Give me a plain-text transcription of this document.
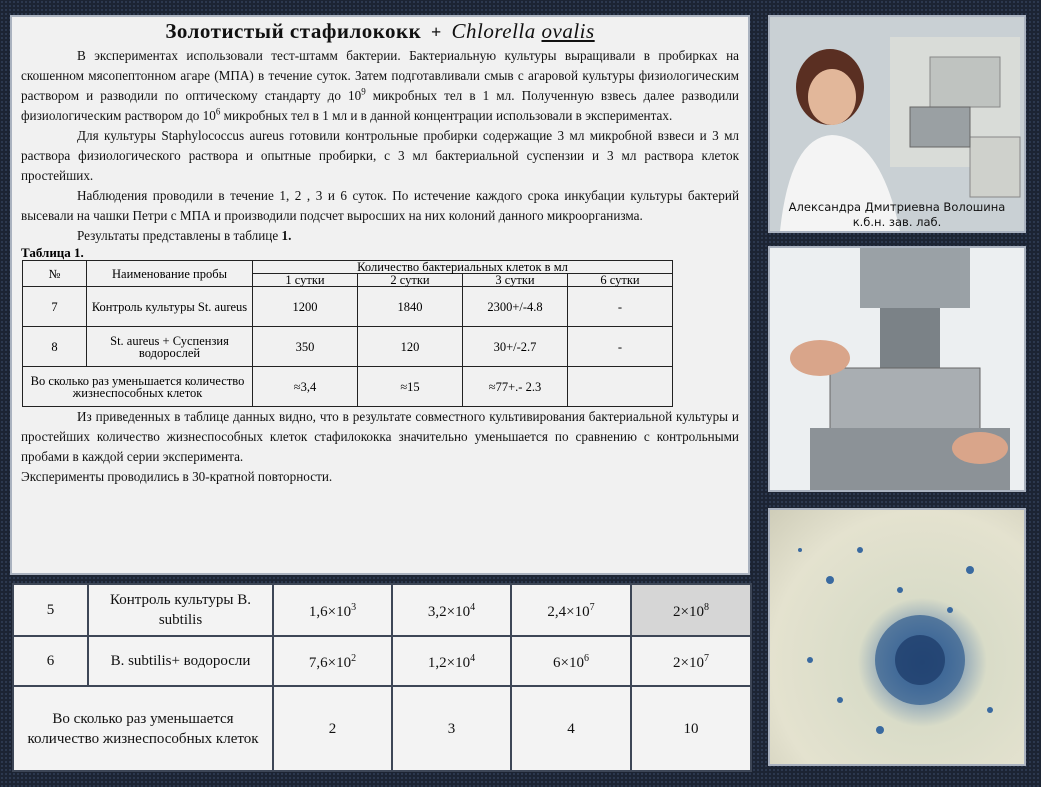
Золотистый стафилококк + Chlorella ovalis

В экспериментах использовали тест-штамм бактерии. Бактериальную культуры выращивали в пробирках на скошенном мясопептонном агаре (МПА) в течение суток. Затем подготавливали смыв с агаровой культуры физиологическим раствором и разводили по оптическому стандарту до $10^9$ микробных тел в 1 мл. Полученную взвесь далее разводили физиологическим раствором до $10^6$ микробных тел в 1 мл и в данной концентрации использовали в экспериментах.

Для культуры Staphylococcus aureus готовили контрольные пробирки содержащие 3 мл микробной взвеси и 3 мл раствора физиологического раствора и опытные пробирки, с 3 мл бактериальной суспензии и 3 мл раствора клеток простейших.

Наблюдения проводили в течение 1, 2 , 3 и 6 суток. По истечение каждого срока инкубации культуры бактерий высевали на чашки Петри с МПА и производили подсчет выросших на них колоний данного микроорганизма.

Результаты представлены в таблице 1.

Таблица 1.
№	Наименование пробы	Количество бактериальных клеток в мл			
		1 сутки	2 сутки	3 сутки	6 сутки
7	Контроль культуры St. aureus	1200	1840	2300+/-4.8	-
8	St. aureus + Суспензия водорослей	350	120	30+/-2.7	-
Во сколько раз уменьшается количество жизнеспособных клеток		≈3,4	≈15	≈77+.- 2.3	

Из приведенных в таблице данных видно, что в результате совместного культивирования бактериальной культуры и простейших количество жизнеспособных клеток стафилококка значительно уменьшается по сравнению с контрольными пробами в каждой серии эксперимента.

Эксперименты проводились в 30-кратной повторности.

5	Контроль культуры B. subtilis	$1,6\times 10^3$	$3,2\times 10^4$	$2,4\times 10^7$	$2\times 10^8$
6	B. subtilis+ водоросли	$7,6\times 10^2$	$1,2\times 10^4$	$6\times 10^6$	$2\times 10^7$
Во сколько раз уменьшается количество жизнеспособных клеток		2	3	4	10
Александра Дмитриевна Волошина
к.б.н. зав. лаб.
